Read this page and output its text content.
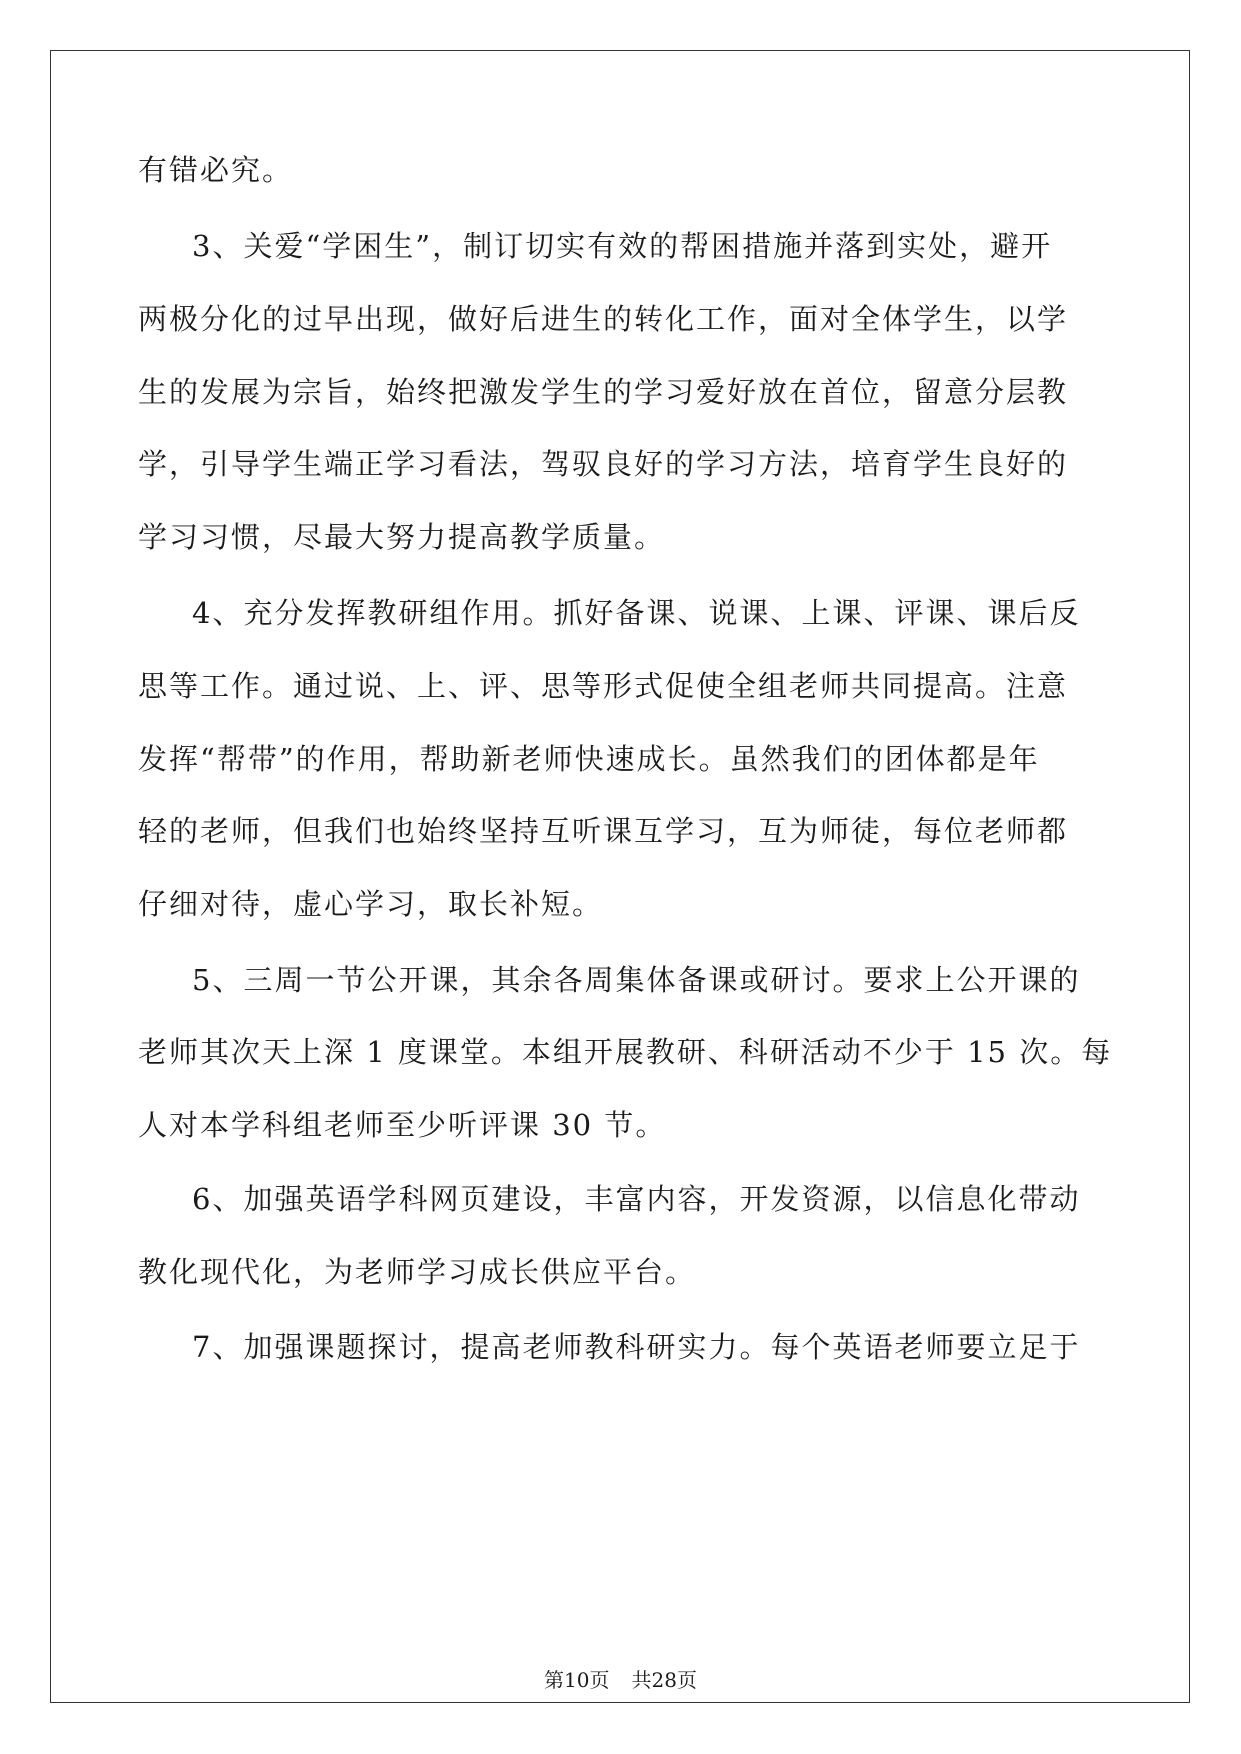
有错必究。

3、关爱“学困生”，制订切实有效的帮困措施并落到实处，避开

两极分化的过早出现，做好后进生的转化工作，面对全体学生，以学

生的发展为宗旨，始终把激发学生的学习爱好放在首位，留意分层教

学，引导学生端正学习看法，驾驭良好的学习方法，培育学生良好的

学习习惯，尽最大努力提高教学质量。

4、充分发挥教研组作用。抓好备课、说课、上课、评课、课后反

思等工作。通过说、上、评、思等形式促使全组老师共同提高。注意

发挥“帮带”的作用，帮助新老师快速成长。虽然我们的团体都是年

轻的老师，但我们也始终坚持互听课互学习，互为师徒，每位老师都

仔细对待，虚心学习，取长补短。

5、三周一节公开课，其余各周集体备课或研讨。要求上公开课的

老师其次天上深 1 度课堂。本组开展教研、科研活动不少于 15 次。每

人对本学科组老师至少听评课 30 节。

6、加强英语学科网页建设，丰富内容，开发资源，以信息化带动

教化现代化，为老师学习成长供应平台。

7、加强课题探讨，提高老师教科研实力。每个英语老师要立足于

第10页 共28页
